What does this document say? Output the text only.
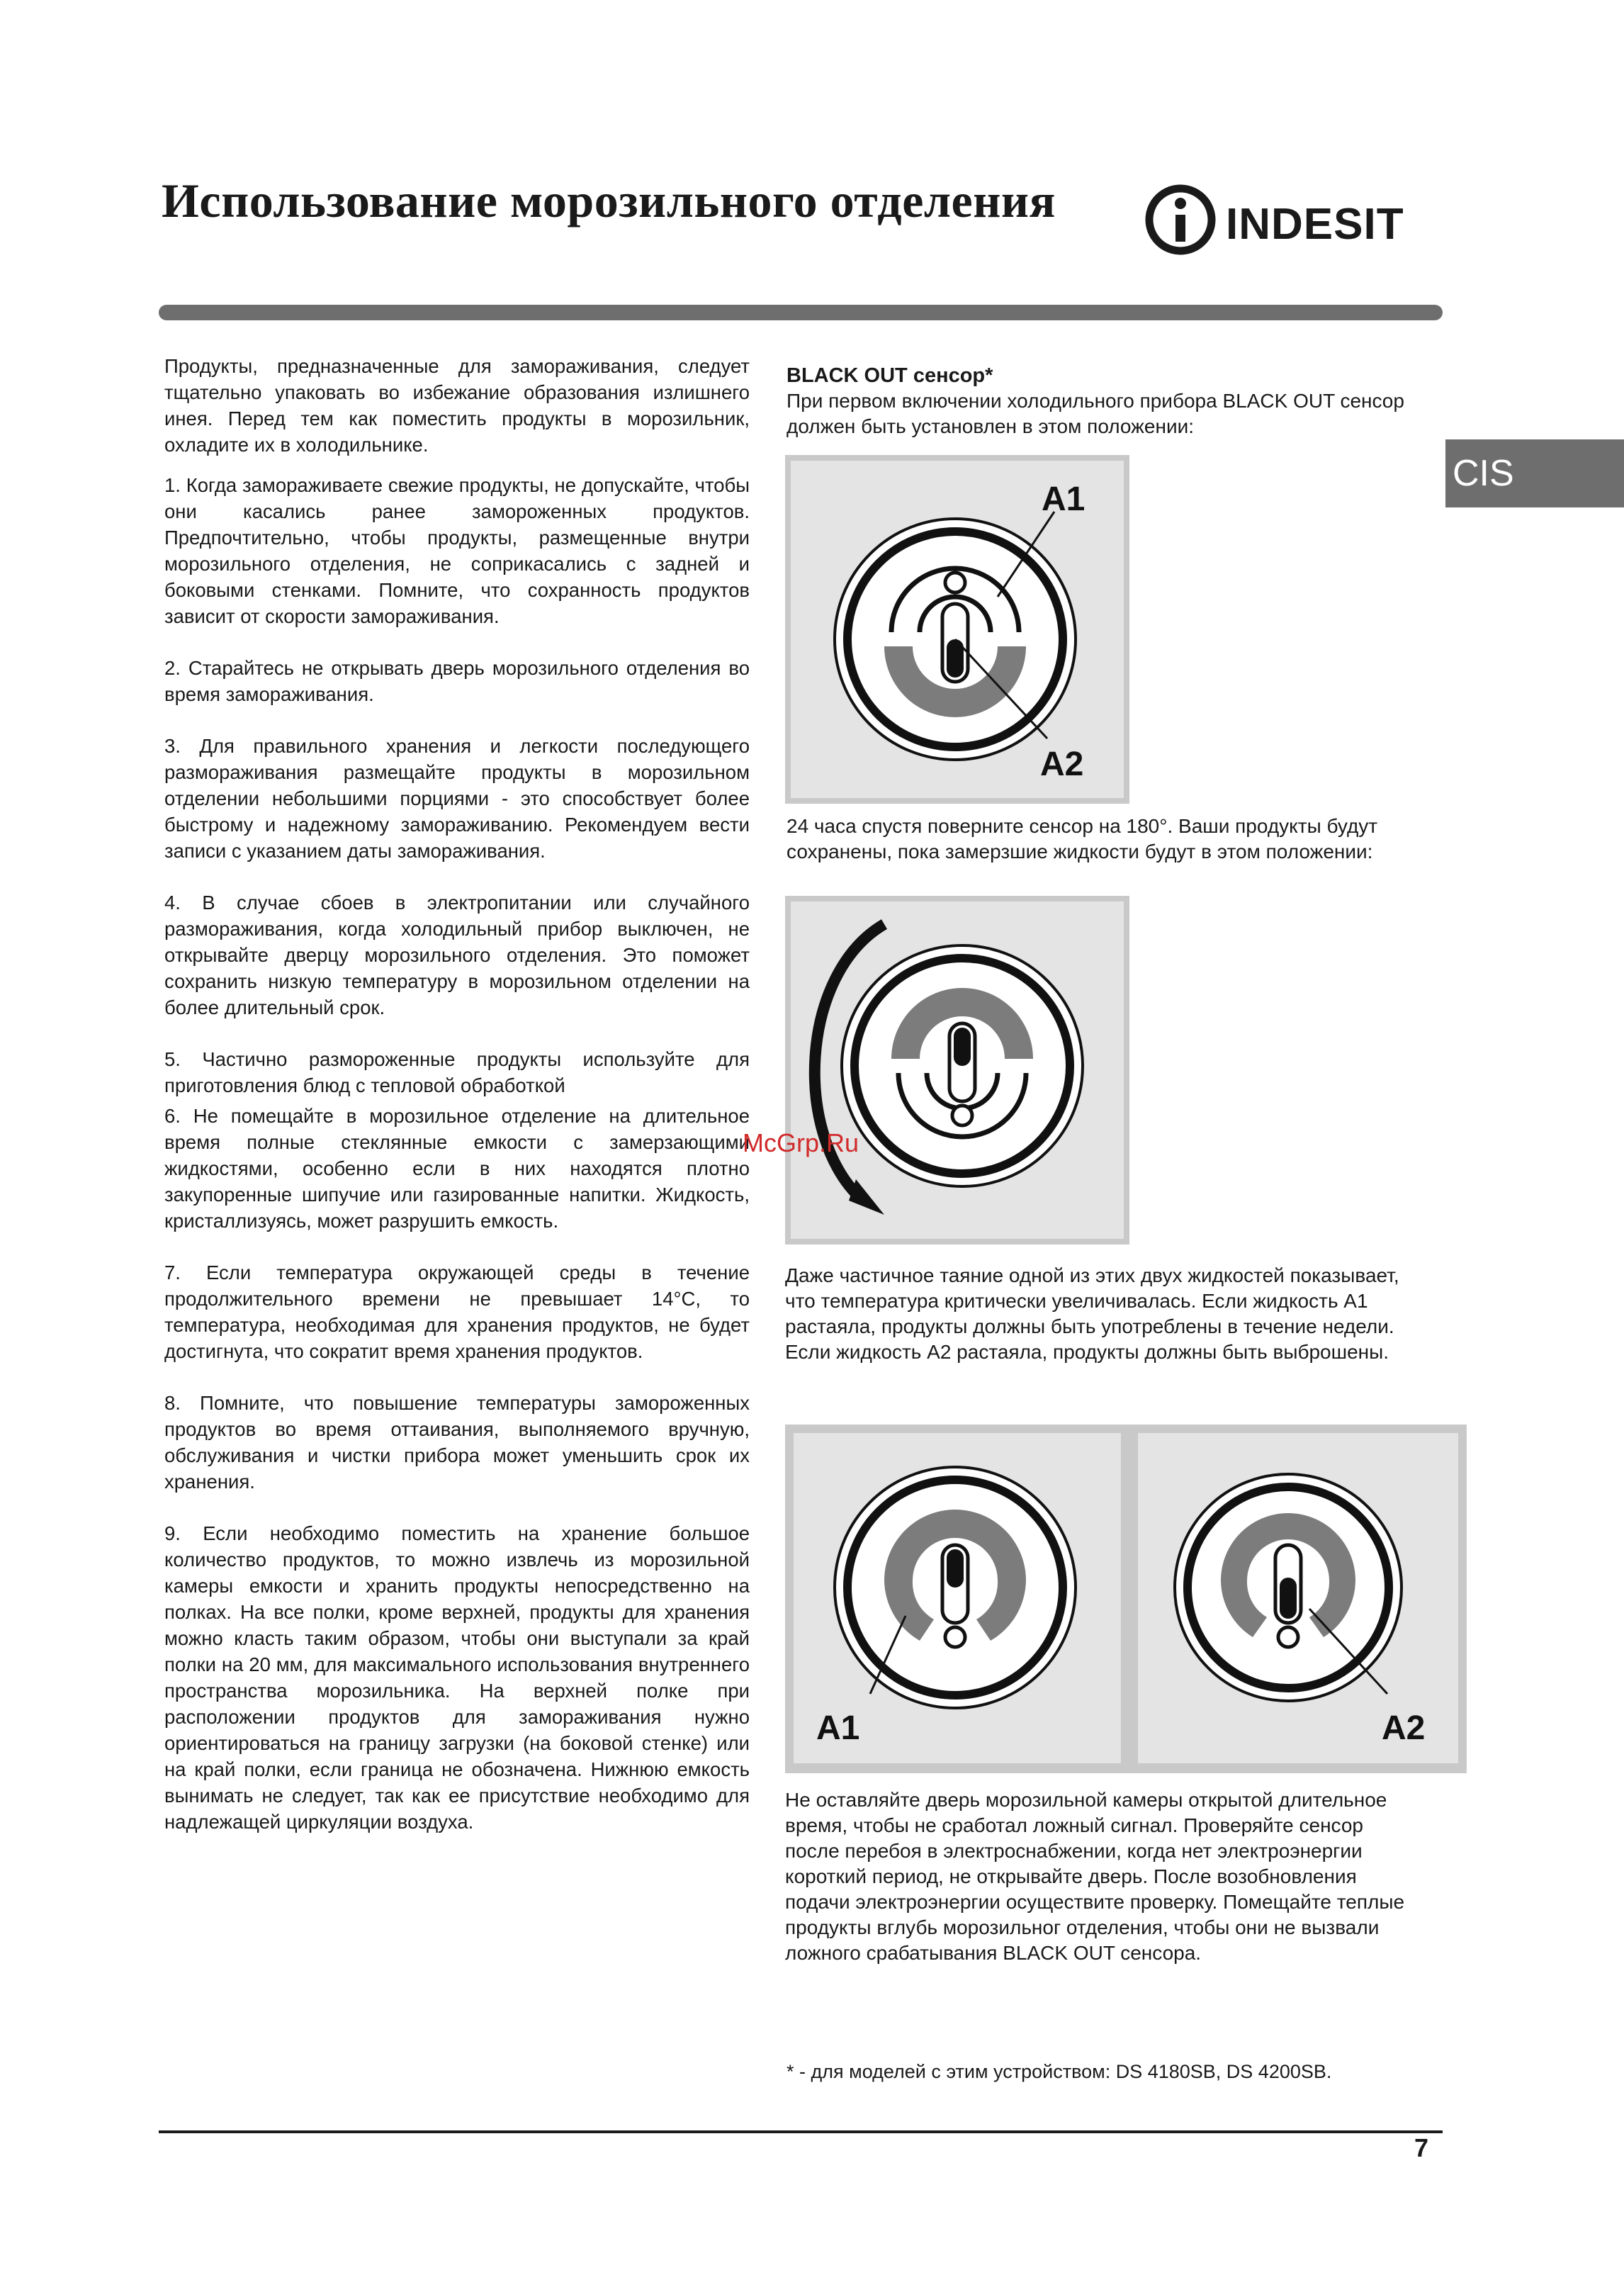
Использование морозильного отделения	INDESIT
CIS

Продукты, предназначенные для замораживания, следует тщательно упаковать во избежание образования излишнего инея. Перед тем как поместить продукты в морозильник, охладите их в холодильнике.

1. Когда замораживаете свежие продукты, не допускайте, чтобы они касались ранее замороженных продуктов. Предпочтительно, чтобы продукты, размещенные внутри морозильного отделения, не соприкасались с задней и боковыми стенками. Помните, что сохранность продуктов зависит от скорости замораживания.

2. Старайтесь не открывать дверь морозильного отделения во время замораживания.

3. Для правильного хранения и легкости последующего размораживания размещайте продукты в морозильном отделении небольшими порциями - это способствует более быстрому и надежному замораживанию. Рекомендуем вести записи с указанием даты замораживания.

4. В случае сбоев в электропитании или случайного размораживания, когда холодильный прибор выключен, не открывайте дверцу морозильного отделения. Это поможет сохранить низкую температуру в морозильном отделении на более длительный срок.

5. Частично размороженные продукты используйте для приготовления блюд с тепловой обработкой

6. Не помещайте в морозильное отделение на длительное время полные стеклянные емкости с замерзающими жидкостями, особенно если в них находятся плотно закупоренные шипучие или газированные напитки. Жидкость, кристаллизуясь, может разрушить емкость.

7. Если температура окружающей среды в течение продолжительного времени не превышает 14°C, то температура, необходимая для хранения продуктов, не будет достигнута, что сократит время хранения продуктов.

8. Помните, что повышение температуры замороженных продуктов во время оттаивания, выполняемого вручную, обслуживания и чистки прибора может уменьшить срок их хранения.

9. Если необходимо поместить на хранение большое количество продуктов, то можно извлечь из морозильной камеры емкости и хранить продукты непосредственно на полках. На все полки, кроме верхней, продукты для хранения можно класть таким образом, чтобы они выступали за край полки на 20 мм, для максимального использования внутреннего пространства морозильника. На верхней полке при расположении продуктов для замораживания нужно ориентироваться на границу загрузки (на боковой стенке) или на край полки, если граница не обозначена. Нижнюю емкость вынимать не следует, так как ее присутствие необходимо для надлежащей циркуляции воздуха.

BLACK OUT сенсор*

При первом включении холодильного прибора BLACK OUT сенсор должен быть установлен в этом положении:

24 часа спустя поверните сенсор на 180°. Ваши продукты будут сохранены, пока замерзшие жидкости будут в этом положении:

Даже частичное таяние одной из этих двух жидкостей показывает, что температура критически увеличивалась. Если жидкость A1 растаяла, продукты должны быть употреблены в течение недели. Если жидкость A2 растаяла, продукты должны быть выброшены.

Не оставляйте дверь морозильной камеры открытой длительное время, чтобы не сработал ложный сигнал. Проверяйте сенсор после перебоя в электроснабжении, когда нет электроэнергии короткий период, не открывайте дверь. После возобновления подачи электроэнергии осуществите проверку. Помещайте теплые продукты вглубь морозильног отделения, чтобы они не вызвали ложного срабатывания BLACK OUT сенсора.

* - для моделей с этим устройством: DS 4180SB, DS 4200SB.
A1
A2
A1	A2
McGrp.Ru
7
